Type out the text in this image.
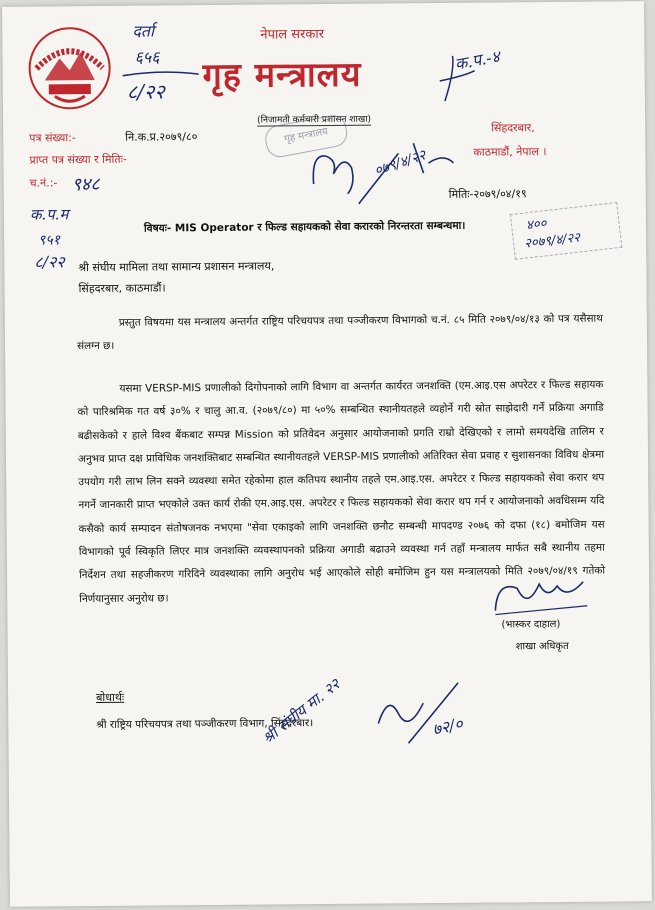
नेपाल सरकार
गृह मन्त्रालय
(निजामती कर्मचारी प्रशासन शाखा)
गृह मन्त्रालय
पत्र संख्या:-	नि.क.प्र.२०७९/८०
प्राप्त पत्र संख्या र मितिः-
च.नं.:- ९४८
सिंहदरबार,
काठमाडौं, नेपाल ।
मितिः-२०७९/०४/१९
दर्ता
६५६
८/२२
क.प.-४
०७९/४/२२
क.प.म
९५१
८/२२
विषयः- MIS Operator र फिल्ड सहायकको सेवा करारको निरन्तरता सम्बन्धमा।	४००
२०७९/४/२२
श्री संघीय मामिला तथा सामान्य प्रशासन मन्त्रालय,
सिंहदरबार, काठमाडौं।
प्रस्तुत विषयमा यस मन्त्रालय अन्तर्गत राष्ट्रिय परिचयपत्र तथा पञ्जीकरण विभागको च.नं. ८५ मिति २०७९/०४/१३ को पत्र यसैसाथ संलग्न छ।
यसमा VERSP-MIS प्रणालीको दिगोपनाको लागि विभाग वा अन्तर्गत कार्यरत जनशक्ति (एम.आइ.एस अपरेटर र फिल्ड सहायक को पारिश्रमिक गत वर्ष ३०% र चालु आ.व. (२०७९/८०) मा ५०% सम्बन्धित स्थानीयतहले व्यहोर्ने गरी स्रोत साझेदारी गर्ने प्रक्रिया अगाडि बढीसकेको र हाले विश्व बैंकबाट सम्पन्न Mission को प्रतिवेदन अनुसार आयोजनाको प्रगति राम्रो देखिएको र लामो समयदेखि तालिम र अनुभव प्राप्त दक्ष प्राविधिक जनशक्तिबाट सम्बन्धित स्थानीयतहले VERSP-MIS प्रणालीको अतिरिक्त सेवा प्रवाह र सुशासनका विविध क्षेत्रमा उपयोग गरी लाभ लिन सक्ने व्यवस्था समेत रहेकोमा हाल कतिपय स्थानीय तहले एम.आइ.एस. अपरेटर र फिल्ड सहायकको सेवा करार थप नगर्ने जानकारी प्राप्त भएकोले उक्त कार्य रोकी एम.आइ.एस. अपरेटर र फिल्ड सहायकको सेवा करार थप गर्न र आयोजनाको अवधिसम्म यदि कसैको कार्य सम्पादन संतोषजनक नभएमा "सेवा एकाइको लागि जनशक्ति छनौट सम्बन्धी मापदण्ड २०७६ को दफा (१८) बमोजिम यस विभागको पूर्व स्विकृति लिएर मात्र जनशक्ति व्यवस्थापनको प्रक्रिया अगाडी बढाउने व्यवस्था गर्न तहाँ मन्त्रालय मार्फत सबै स्थानीय तहमा निर्देशन तथा सहजीकरण गरिदिने व्यवस्थाका लागि अनुरोध भई आएकोले सोही बमोजिम हुन यस मन्त्रालयको मिति २०७९/०४/१९ गतेको निर्णयानुसार अनुरोध छ।
(भास्कर दाहाल)
शाखा अधिकृत
बोधार्थः
श्री राष्ट्रिय परिचयपत्र तथा पञ्जीकरण विभाग, सिंहदरबार।
श्री संघीय मा. २२	७२/०
